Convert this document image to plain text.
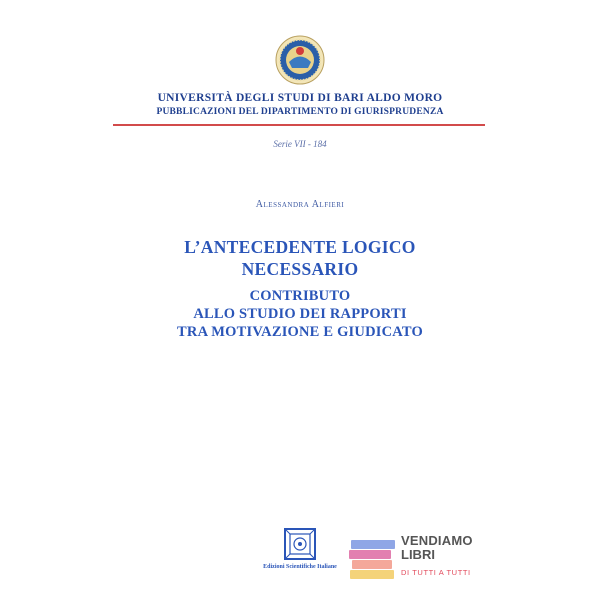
UNIVERSITÀ DEGLI STUDI DI BARI ALDO MORO
PUBBLICAZIONI DEL DIPARTIMENTO DI GIURISPRUDENZA
Serie VII - 184
Alessandra Alfieri
L’ANTECEDENTE LOGICO
NECESSARIO
CONTRIBUTO
ALLO STUDIO DEI RAPPORTI
TRA MOTIVAZIONE E GIUDICATO
Edizioni Scientifiche Italiane
VENDIAMO
LIBRI
DI TUTTI A TUTTI
